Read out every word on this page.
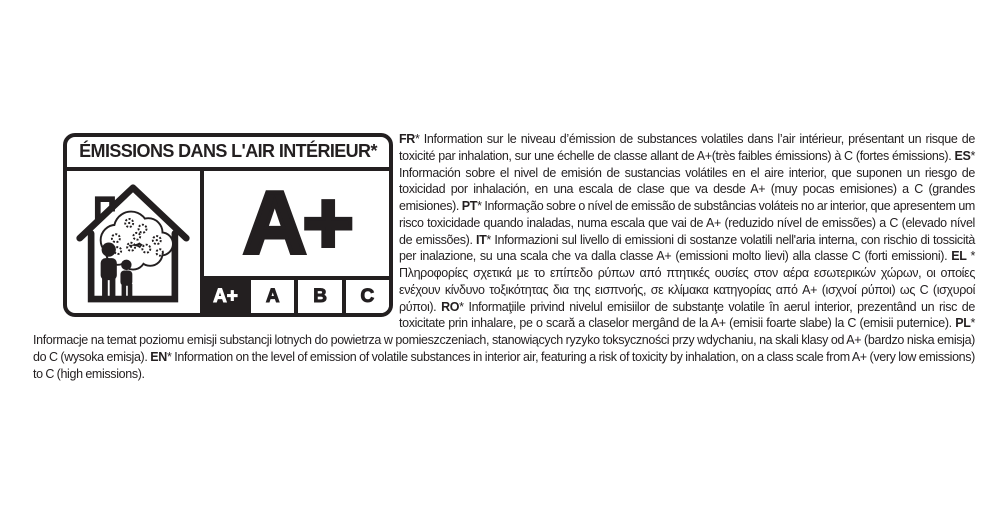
ÉMISSIONS DANS L'AIR INTÉRIEUR*
A+
A+	A	B	C

FR* Information sur le niveau d’émission de substances volatiles dans l’air intérieur, présentant un risque de toxicité par inhalation, sur une échelle de classe allant de A+(très faibles émissions) à C (fortes émissions). ES* Información sobre el nivel de emisión de sustancias volátiles en el aire interior, que suponen un riesgo de toxicidad por inhalación, en una escala de clase que va desde A+ (muy pocas emisiones) a C (grandes emisiones). PT* Informação sobre o nível de emissão de substâncias voláteis no ar interior, que apresentem um risco toxicidade quando inaladas, numa escala que vai de A+ (reduzido nível de emissões) a C (elevado nível de emissões). IT* Informazioni sul livello di emissioni di sostanze volatili nell'aria interna, con rischio di tossicità per inalazione, su una scala che va dalla classe A+ (emissioni molto lievi) alla classe C (forti emissioni). EL * Πληροφορίες σχετικά με το επίπεδο ρύπων από πτητικές ουσίες στον αέρα εσωτερικών χώρων, οι οποίες ενέχουν κίνδυνο τοξικότητας δια της εισπνοής, σε κλίμακα κατηγορίας από A+ (ισχνοί ρύποι) ως C (ισχυροί ρύποι). RO* Informaţiile privind nivelul emisiilor de substanţe volatile în aerul interior, prezentând un risc de toxicitate prin inhalare, pe o scară a claselor mergând de la A+ (emisii foarte slabe) la C (emisii puternice). PL* Informacje na temat poziomu emisji substancji lotnych do powietrza w pomieszczeniach, stanowiących ryzyko toksyczności przy wdychaniu, na skali klasy od A+ (bardzo niska emisja) do C (wysoka emisja). EN* Information on the level of emission of volatile substances in interior air, featuring a risk of toxicity by inhalation, on a class scale from A+ (very low emissions) to C (high emissions).
